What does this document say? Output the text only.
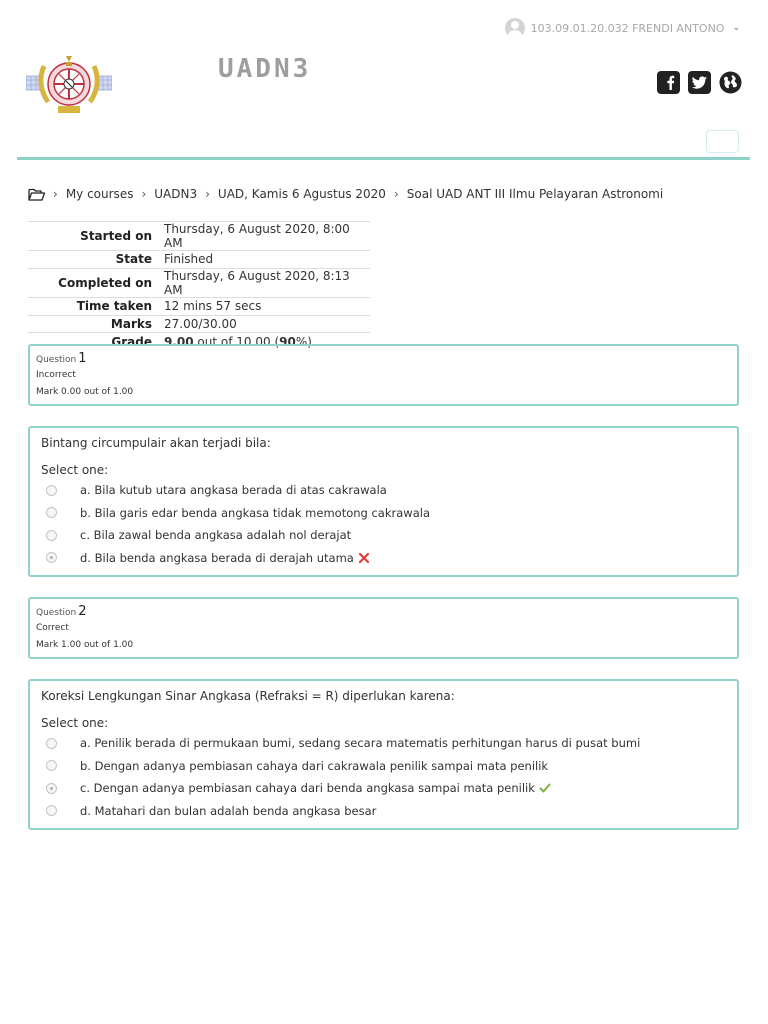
103.09.01.20.032 FRENDI ANTONO ⌄
UADN3
› My courses › UADN3 › UAD, Kamis 6 Agustus 2020 › Soal UAD ANT III Ilmu Pelayaran Astronomi
Started on	Thursday, 6 August 2020, 8:00 AM
State	Finished
Completed on	Thursday, 6 August 2020, 8:13 AM
Time taken	12 mins 57 secs
Marks	27.00/30.00
Grade	9.00 out of 10.00 (90%)
Question 1
Incorrect
Mark 0.00 out of 1.00
Bintang circumpulair akan terjadi bila:
Select one:
a. Bila kutub utara angkasa berada di atas cakrawala
b. Bila garis edar benda angkasa tidak memotong cakrawala
c. Bila zawal benda angkasa adalah nol derajat
d. Bila benda angkasa berada di derajah utama
Question 2
Correct
Mark 1.00 out of 1.00
Koreksi Lengkungan Sinar Angkasa (Refraksi = R) diperlukan karena:
Select one:
a. Penilik berada di permukaan bumi, sedang secara matematis perhitungan harus di pusat bumi
b. Dengan adanya pembiasan cahaya dari cakrawala penilik sampai mata penilik
c. Dengan adanya pembiasan cahaya dari benda angkasa sampai mata penilik
d. Matahari dan bulan adalah benda angkasa besar
